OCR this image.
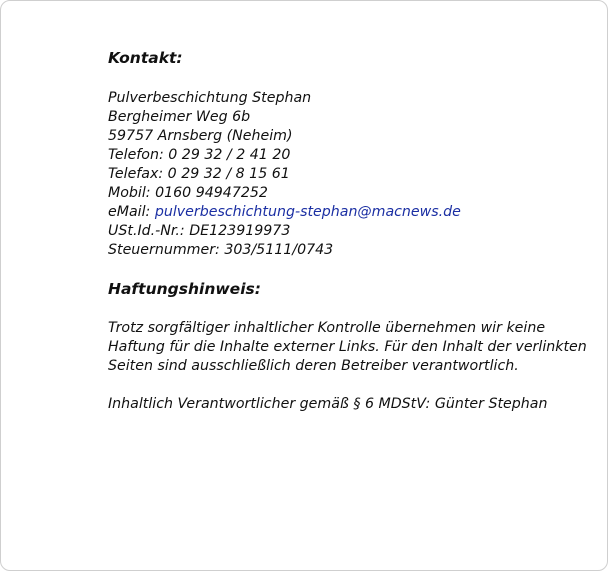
Kontakt:
Pulverbeschichtung Stephan
Bergheimer Weg 6b
59757 Arnsberg (Neheim)
Telefon: 0 29 32 / 2 41 20
Telefax: 0 29 32 / 8 15 61
Mobil: 0160 94947252
eMail: pulverbeschichtung-stephan@macnews.de
USt.Id.-Nr.: DE123919973
Steuernummer: 303/5111/0743
Haftungshinweis:
Trotz sorgfältiger inhaltlicher Kontrolle übernehmen wir keine
Haftung für die Inhalte externer Links. Für den Inhalt der verlinkten
Seiten sind ausschließlich deren Betreiber verantwortlich.
Inhaltlich Verantwortlicher gemäß § 6 MDStV: Günter Stephan
